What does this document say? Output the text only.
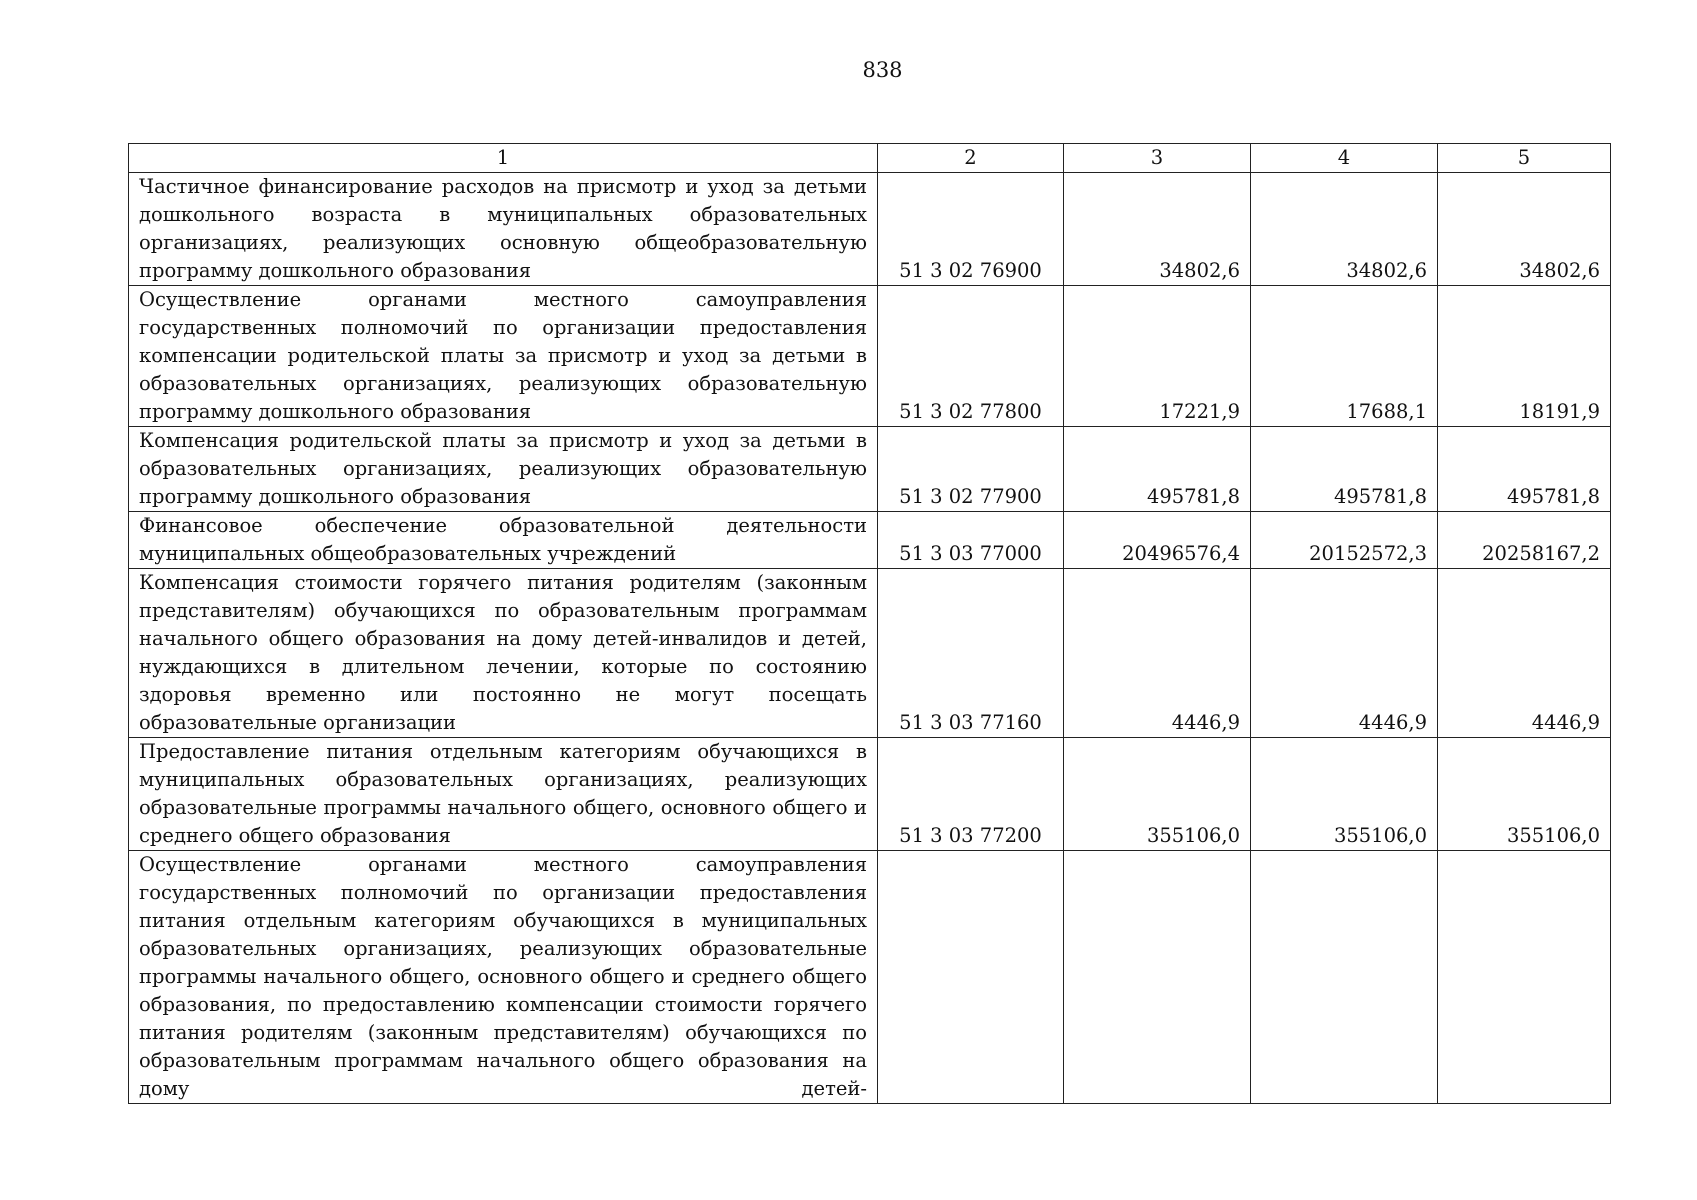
838
1	2	3	4	5
Частичное финансирование расходов на присмотр и уход за детьми дошкольного возраста в муниципальных образовательных организациях, реализующих основную общеобразовательную программу дошкольного образования	51 3 02 76900	34802,6	34802,6	34802,6
Осуществление органами местного самоуправления государственных полномочий по организации предоставления компенсации родительской платы за присмотр и уход за детьми в образовательных организациях, реализующих образовательную программу дошкольного образования	51 3 02 77800	17221,9	17688,1	18191,9
Компенсация родительской платы за присмотр и уход за детьми в образовательных организациях, реализующих образовательную программу дошкольного образования	51 3 02 77900	495781,8	495781,8	495781,8
Финансовое обеспечение образовательной деятельности муниципальных общеобразовательных учреждений	51 3 03 77000	20496576,4	20152572,3	20258167,2
Компенсация стоимости горячего питания родителям (законным представителям) обучающихся по образовательным программам начального общего образования на дому детей-инвалидов и детей, нуждающихся в длительном лечении, которые по состоянию здоровья временно или постоянно не могут посещать образовательные организации	51 3 03 77160	4446,9	4446,9	4446,9
Предоставление питания отдельным категориям обучающихся в муниципальных образовательных организациях, реализующих образовательные программы начального общего, основного общего и среднего общего образования	51 3 03 77200	355106,0	355106,0	355106,0
Осуществление органами местного самоуправления государственных полномочий по организации предоставления питания отдельным категориям обучающихся в муниципальных образовательных организациях, реализующих образовательные программы начального общего, основного общего и среднего общего образования, по предоставлению компенсации стоимости горячего питания родителям (законным представителям) обучающихся по образовательным программам начального общего образования на дому детей-				
